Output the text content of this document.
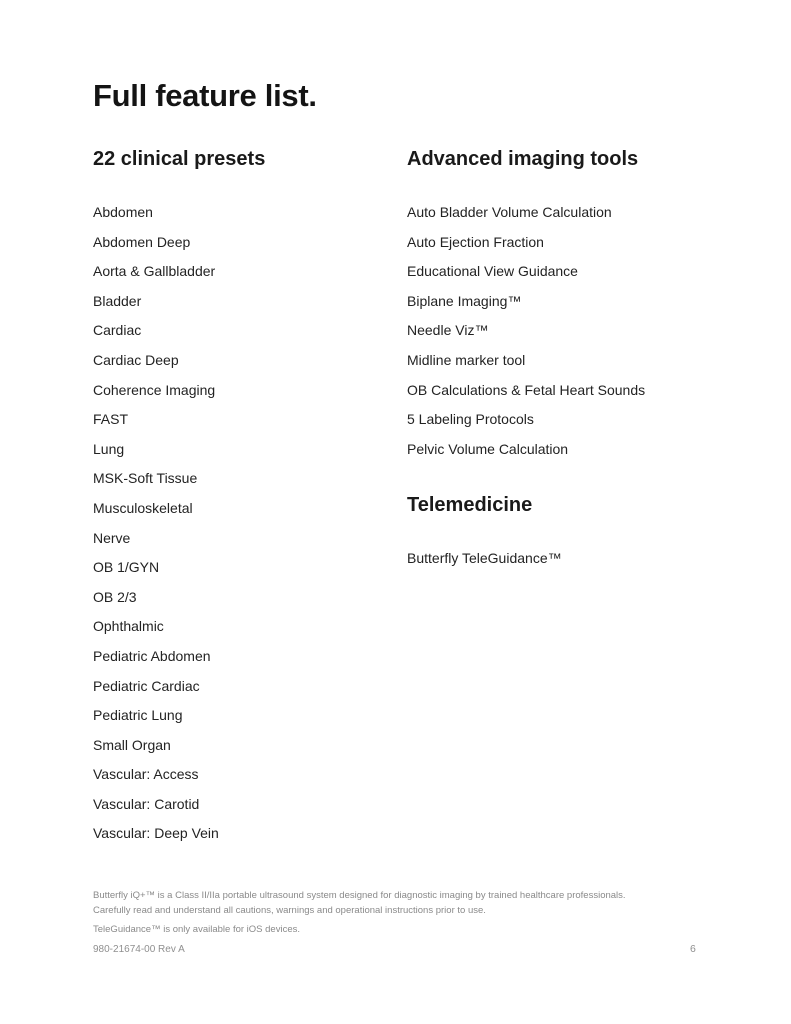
Full feature list.
22 clinical presets
Abdomen
Abdomen Deep
Aorta & Gallbladder
Bladder
Cardiac
Cardiac Deep
Coherence Imaging
FAST
Lung
MSK-Soft Tissue
Musculoskeletal
Nerve
OB 1/GYN
OB 2/3
Ophthalmic
Pediatric Abdomen
Pediatric Cardiac
Pediatric Lung
Small Organ
Vascular: Access
Vascular: Carotid
Vascular: Deep Vein
Advanced imaging tools
Auto Bladder Volume Calculation
Auto Ejection Fraction
Educational View Guidance
Biplane Imaging™
Needle Viz™
Midline marker tool
OB Calculations & Fetal Heart Sounds
5 Labeling Protocols
Pelvic Volume Calculation
Telemedicine
Butterfly TeleGuidance™

Butterfly iQ+™ is a Class II/IIa portable ultrasound system designed for diagnostic imaging by trained healthcare professionals. Carefully read and understand all cautions, warnings and operational instructions prior to use.

TeleGuidance™ is only available for iOS devices.

980-21674-00 Rev A	6
